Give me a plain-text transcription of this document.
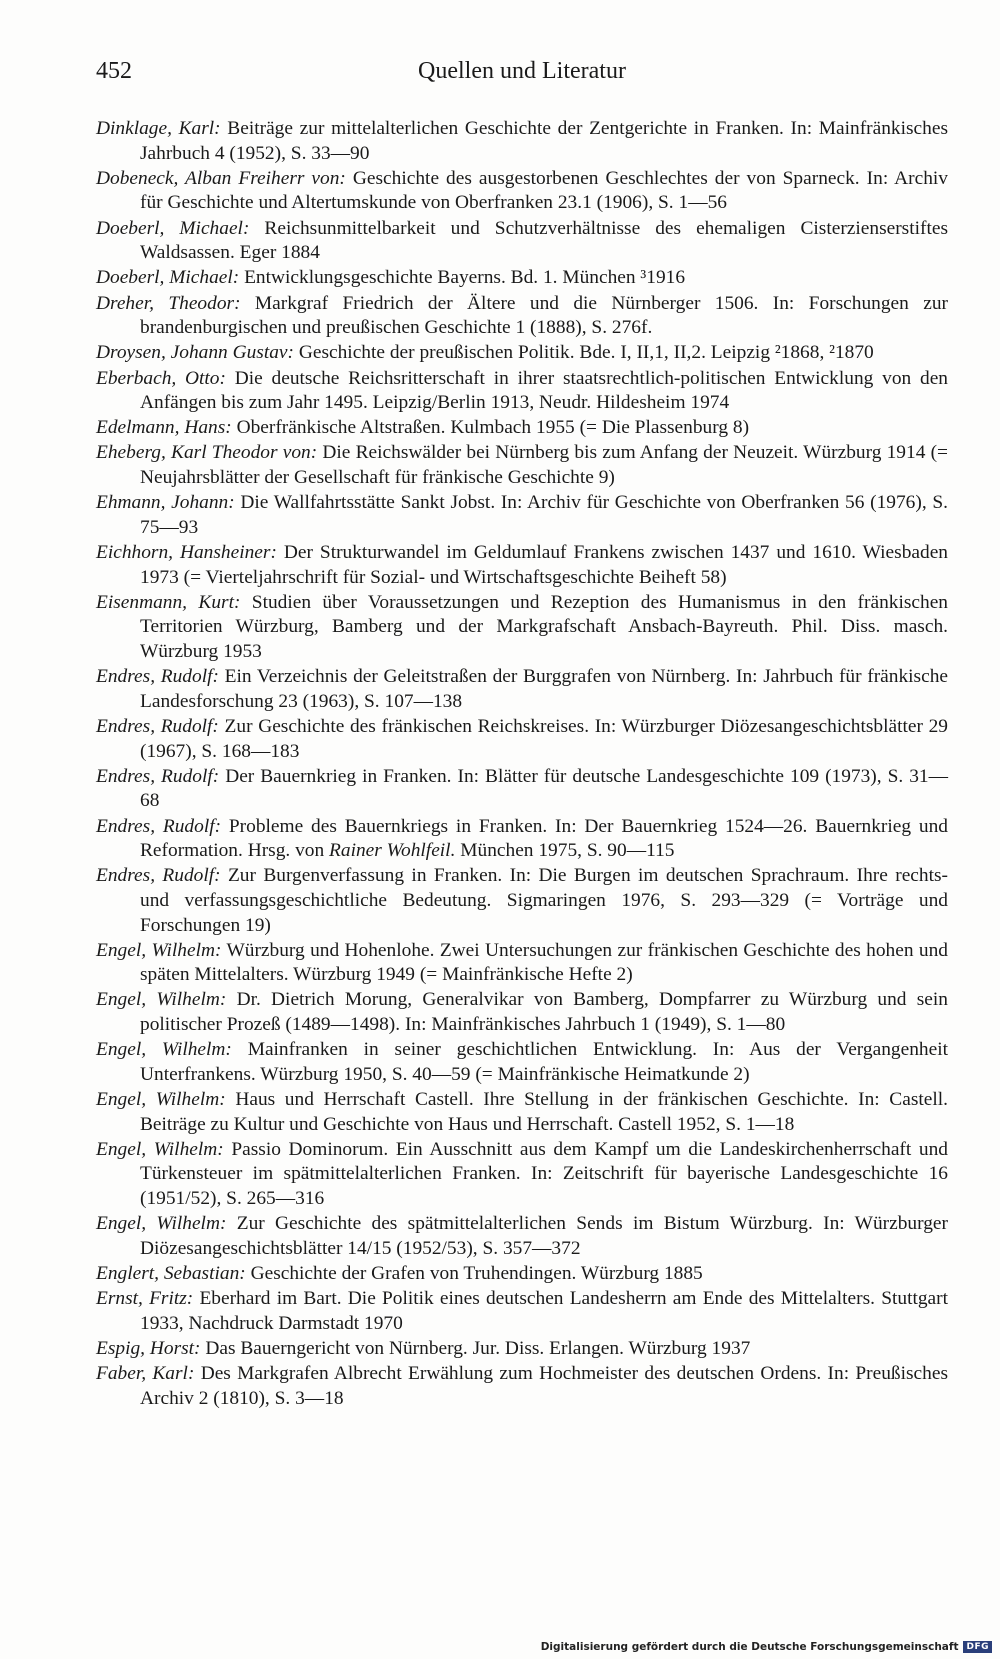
452	Quellen und Literatur

Dinklage, Karl: Beiträge zur mittelalterlichen Geschichte der Zentgerichte in Franken. In: Mainfränkisches Jahrbuch 4 (1952), S. 33—90

Dobeneck, Alban Freiherr von: Geschichte des ausgestorbenen Geschlechtes der von Sparneck. In: Archiv für Geschichte und Altertumskunde von Oberfranken 23.1 (1906), S. 1—56

Doeberl, Michael: Reichsunmittelbarkeit und Schutzverhältnisse des ehemaligen Cisterzienserstiftes Waldsassen. Eger 1884

Doeberl, Michael: Entwicklungsgeschichte Bayerns. Bd. 1. München ³1916

Dreher, Theodor: Markgraf Friedrich der Ältere und die Nürnberger 1506. In: Forschungen zur brandenburgischen und preußischen Geschichte 1 (1888), S. 276f.

Droysen, Johann Gustav: Geschichte der preußischen Politik. Bde. I, II,1, II,2. Leipzig ²1868, ²1870

Eberbach, Otto: Die deutsche Reichsritterschaft in ihrer staatsrechtlich-politischen Entwicklung von den Anfängen bis zum Jahr 1495. Leipzig/Berlin 1913, Neudr. Hildesheim 1974

Edelmann, Hans: Oberfränkische Altstraßen. Kulmbach 1955 (= Die Plassenburg 8)

Eheberg, Karl Theodor von: Die Reichswälder bei Nürnberg bis zum Anfang der Neuzeit. Würzburg 1914 (= Neujahrsblätter der Gesellschaft für fränkische Geschichte 9)

Ehmann, Johann: Die Wallfahrtsstätte Sankt Jobst. In: Archiv für Geschichte von Oberfranken 56 (1976), S. 75—93

Eichhorn, Hansheiner: Der Strukturwandel im Geldumlauf Frankens zwischen 1437 und 1610. Wiesbaden 1973 (= Vierteljahrschrift für Sozial- und Wirtschaftsgeschichte Beiheft 58)

Eisenmann, Kurt: Studien über Voraussetzungen und Rezeption des Humanismus in den fränkischen Territorien Würzburg, Bamberg und der Markgrafschaft Ansbach-Bayreuth. Phil. Diss. masch. Würzburg 1953

Endres, Rudolf: Ein Verzeichnis der Geleitstraßen der Burggrafen von Nürnberg. In: Jahrbuch für fränkische Landesforschung 23 (1963), S. 107—138

Endres, Rudolf: Zur Geschichte des fränkischen Reichskreises. In: Würzburger Diözesangeschichtsblätter 29 (1967), S. 168—183

Endres, Rudolf: Der Bauernkrieg in Franken. In: Blätter für deutsche Landesgeschichte 109 (1973), S. 31—68

Endres, Rudolf: Probleme des Bauernkriegs in Franken. In: Der Bauernkrieg 1524—26. Bauernkrieg und Reformation. Hrsg. von Rainer Wohlfeil. München 1975, S. 90—115

Endres, Rudolf: Zur Burgenverfassung in Franken. In: Die Burgen im deutschen Sprachraum. Ihre rechts- und verfassungsgeschichtliche Bedeutung. Sigmaringen 1976, S. 293—329 (= Vorträge und Forschungen 19)

Engel, Wilhelm: Würzburg und Hohenlohe. Zwei Untersuchungen zur fränkischen Geschichte des hohen und späten Mittelalters. Würzburg 1949 (= Mainfränkische Hefte 2)

Engel, Wilhelm: Dr. Dietrich Morung, Generalvikar von Bamberg, Dompfarrer zu Würzburg und sein politischer Prozeß (1489—1498). In: Mainfränkisches Jahrbuch 1 (1949), S. 1—80

Engel, Wilhelm: Mainfranken in seiner geschichtlichen Entwicklung. In: Aus der Vergangenheit Unterfrankens. Würzburg 1950, S. 40—59 (= Mainfränkische Heimatkunde 2)

Engel, Wilhelm: Haus und Herrschaft Castell. Ihre Stellung in der fränkischen Geschichte. In: Castell. Beiträge zu Kultur und Geschichte von Haus und Herrschaft. Castell 1952, S. 1—18

Engel, Wilhelm: Passio Dominorum. Ein Ausschnitt aus dem Kampf um die Landeskirchenherrschaft und Türkensteuer im spätmittelalterlichen Franken. In: Zeitschrift für bayerische Landesgeschichte 16 (1951/52), S. 265—316

Engel, Wilhelm: Zur Geschichte des spätmittelalterlichen Sends im Bistum Würzburg. In: Würzburger Diözesangeschichtsblätter 14/15 (1952/53), S. 357—372

Englert, Sebastian: Geschichte der Grafen von Truhendingen. Würzburg 1885

Ernst, Fritz: Eberhard im Bart. Die Politik eines deutschen Landesherrn am Ende des Mittelalters. Stuttgart 1933, Nachdruck Darmstadt 1970

Espig, Horst: Das Bauerngericht von Nürnberg. Jur. Diss. Erlangen. Würzburg 1937

Faber, Karl: Des Markgrafen Albrecht Erwählung zum Hochmeister des deutschen Ordens. In: Preußisches Archiv 2 (1810), S. 3—18

Digitalisierung gefördert durch die Deutsche Forschungsgemeinschaft DFG
